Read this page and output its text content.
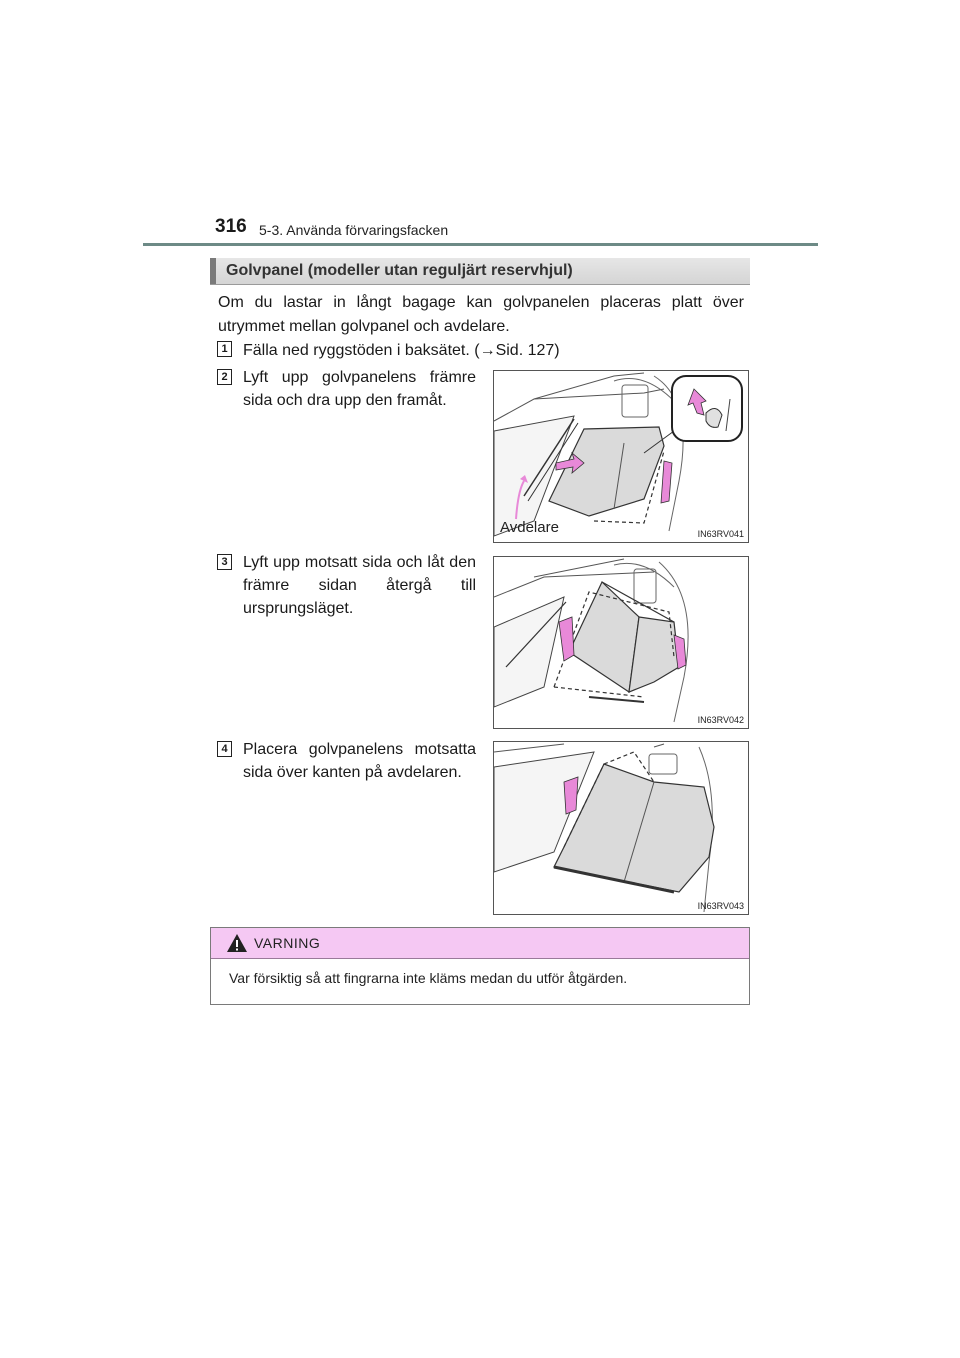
316 5-3. Använda förvaringsfacken
Golvpanel (modeller utan reguljärt reservhjul)
Om du lastar in långt bagage kan golvpanelen placeras platt över utrymmet mellan golvpanel och avdelare.
1 Fälla ned ryggstöden i baksätet. (→Sid. 127)
2 Lyft upp golvpanelens främre sida och dra upp den framåt.
Avdelare	IN63RV041
3 Lyft upp motsatt sida och låt den främre sidan återgå till ursprungsläget.
IN63RV042
4 Placera golvpanelens motsatta sida över kanten på avdelaren.
IN63RV043
VARNING
Var försiktig så att fingrarna inte kläms medan du utför åtgärden.
